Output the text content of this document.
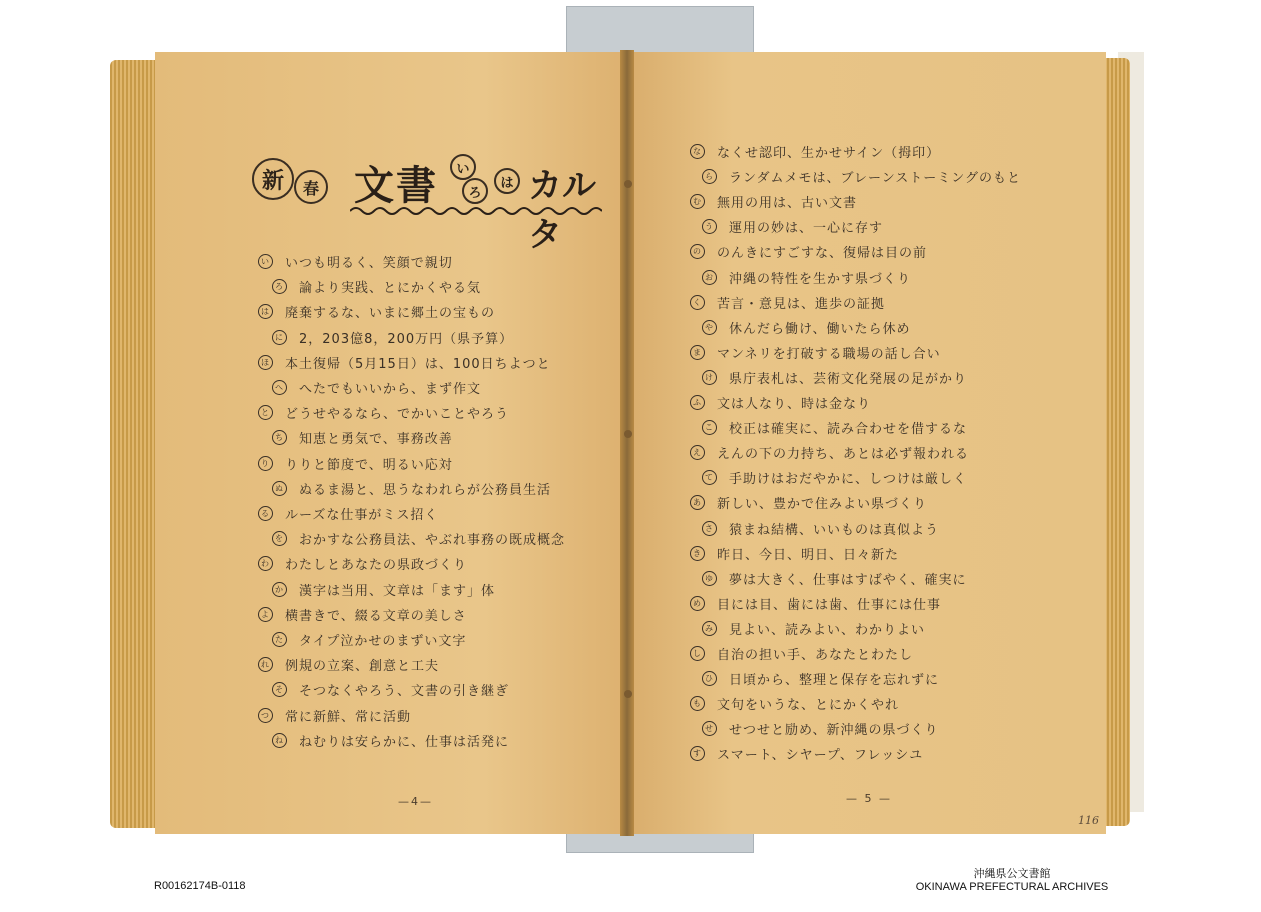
新	春 文書	い
ろ
は カルタ
い いつも明るく、笑顔で親切
ろ 論より実践、とにかくやる気
は 廃棄するな、いまに郷土の宝もの
に 2，203億8，200万円（県予算）
ほ 本土復帰（5月15日）は、100日ちよつと
へ へたでもいいから、まず作文
と どうせやるなら、でかいことやろう
ち 知恵と勇気で、事務改善
り りりと節度で、明るい応対
ぬ ぬるま湯と、思うなわれらが公務員生活
る ルーズな仕事がミス招く
を おかすな公務員法、やぶれ事務の既成概念
わ わたしとあなたの県政づくり
か 漢字は当用、文章は「ます」体
よ 横書きで、綴る文章の美しさ
た タイプ泣かせのまずい文字
れ 例規の立案、創意と工夫
そ そつなくやろう、文書の引き継ぎ
つ 常に新鮮、常に活動
ね ねむりは安らかに、仕事は活発に
な なくせ認印、生かせサイン（拇印）
ら ランダムメモは、ブレーンストーミングのもと
む 無用の用は、古い文書
う 運用の妙は、一心に存す
の のんきにすごすな、復帰は目の前
お 沖縄の特性を生かす県づくり
く 苦言・意見は、進歩の証拠
や 休んだら働け、働いたら休め
ま マンネリを打破する職場の話し合い
け 県庁表札は、芸術文化発展の足がかり
ふ 文は人なり、時は金なり
こ 校正は確実に、読み合わせを借するな
え えんの下の力持ち、あとは必ず報われる
て 手助けはおだやかに、しつけは厳しく
あ 新しい、豊かで住みよい県づくり
さ 猿まね結構、いいものは真似よう
き 昨日、今日、明日、日々新た
ゆ 夢は大きく、仕事はすばやく、確実に
め 目には目、歯には歯、仕事には仕事
み 見よい、読みよい、わかりよい
し 自治の担い手、あなたとわたし
ひ 日頃から、整理と保存を忘れずに
も 文句をいうな、とにかくやれ
せ せつせと励め、新沖縄の県づくり
す スマート、シヤープ、フレッシユ
—4—	— 5 —
116
R00162174B-0118
沖縄県公文書館
OKINAWA PREFECTURAL ARCHIVES
